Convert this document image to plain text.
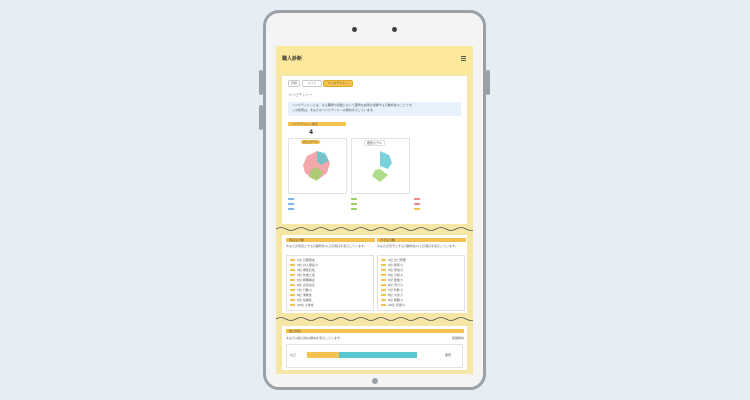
職人診断
詳細	スコア	コンピテンシー
コンピテンシー
コンピテンシーとは、ある職務や役割において優秀な成果を発揮する行動特性のことです。
この結果は、あなたのコンピテンシーの傾向を示しています。
コンピテンシー得点
4
自己モデル	理想モデル
得意な行動	苦手な行動
あなたが得意とする行動特性の上位項目を表示しています。	あなたが苦手とする行動特性の上位項目を表示しています。
1位 目標達成
2位 対人関係力
3位 情報収集
4位 計画立案
5位 問題解決
6位 意思決定
7位 行動力
8位 柔軟性
9位 協調性
10位 主体性
1位 自己管理
2位 統率力
3位 発信力
4位 分析力
5位 推進力
6位 実行力
7位 判断力
8位 交渉力
9位 傾聴力
10位 表現力
総合判定
あなたの総合的な傾向を表示しています。	組織傾向
自己	理想
